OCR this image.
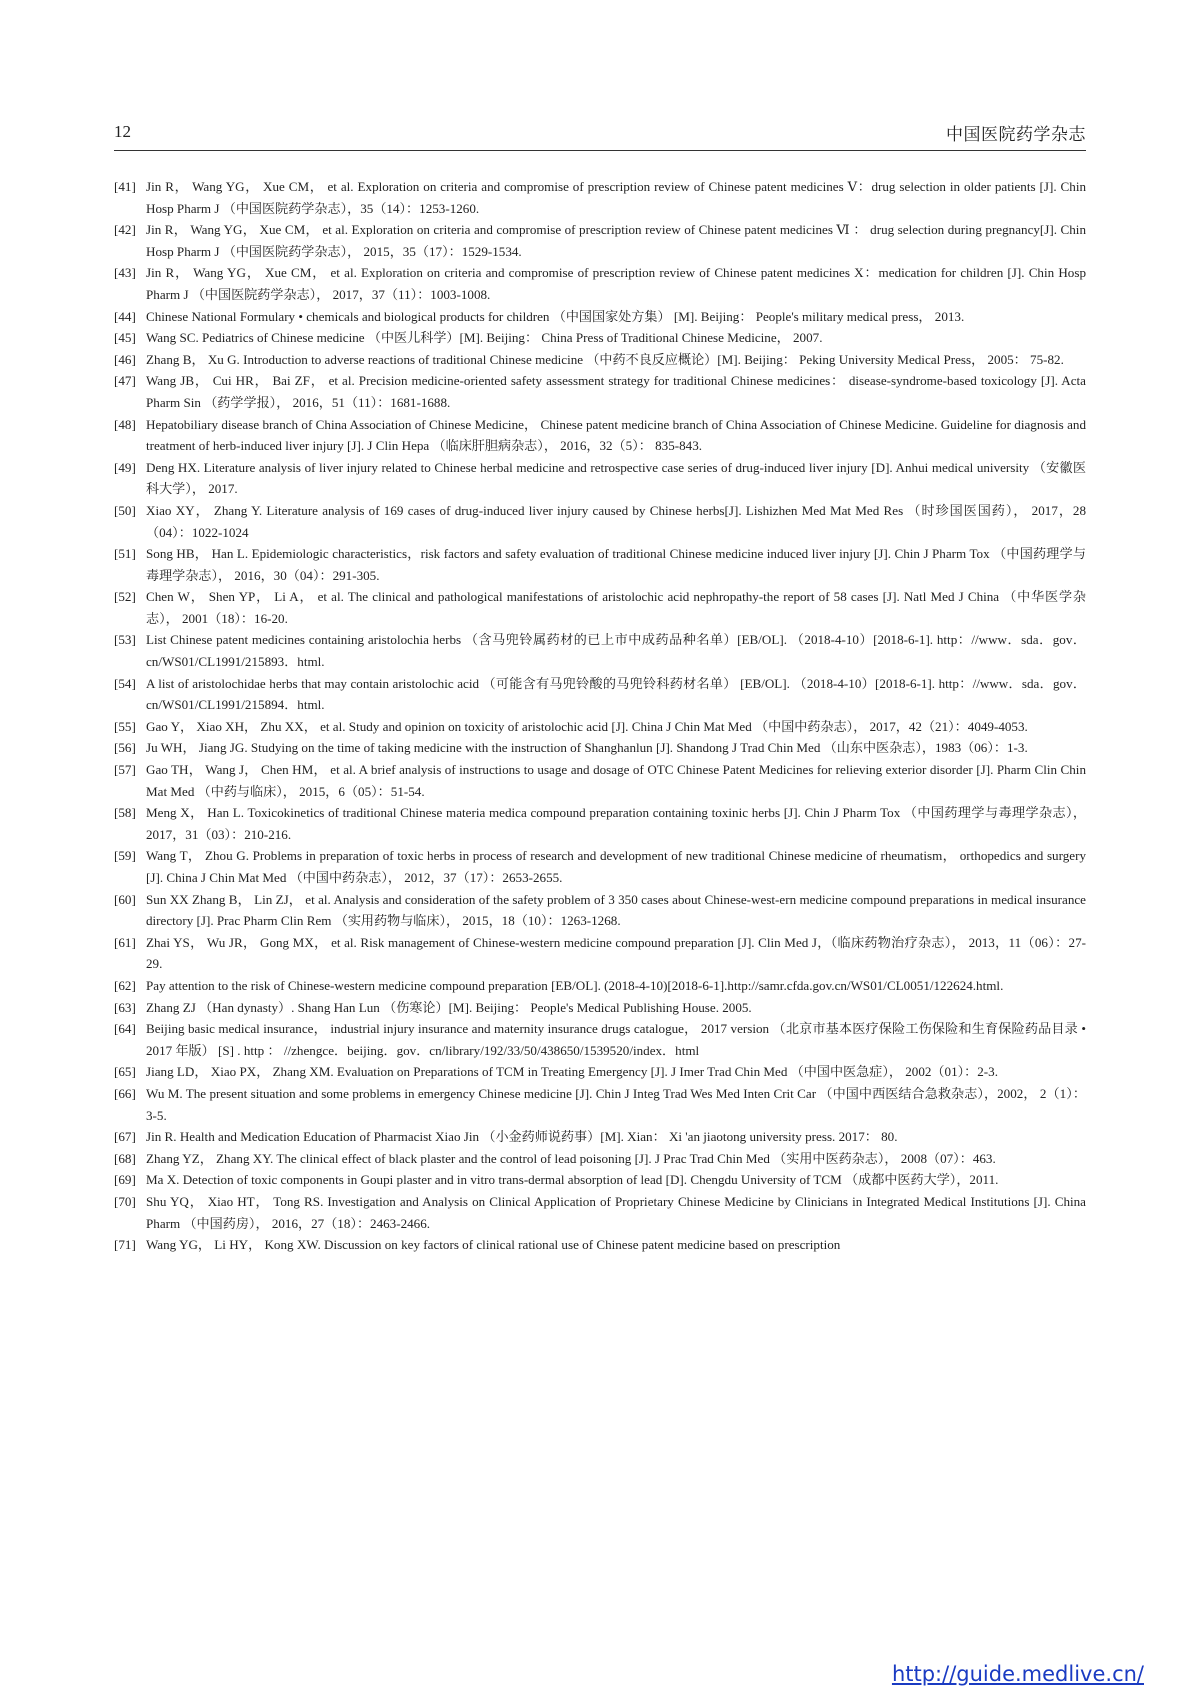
12	中国医院药学杂志
[41] Jin R， Wang YG， Xue CM， et al. Exploration on criteria and compromise of prescription review of Chinese patent medicines Ⅴ：drug selection in older patients [J]. Chin Hosp Pharm J （中国医院药学杂志），35（14）：1253-1260.
[42] Jin R， Wang YG， Xue CM， et al. Exploration on criteria and compromise of prescription review of Chinese patent medicines Ⅵ ： drug selection during pregnancy[J]. Chin Hosp Pharm J （中国医院药学杂志）， 2015，35（17）：1529-1534.
[43] Jin R， Wang YG， Xue CM， et al. Exploration on criteria and compromise of prescription review of Chinese patent medicines X：medication for children [J]. Chin Hosp Pharm J （中国医院药学杂志）， 2017，37（11）：1003-1008.
[44] Chinese National Formulary • chemicals and biological products for children （中国国家处方集） [M]. Beijing： People's military medical press， 2013.
[45] Wang SC. Pediatrics of Chinese medicine （中医儿科学）[M]. Beijing： China Press of Traditional Chinese Medicine， 2007.
[46] Zhang B， Xu G. Introduction to adverse reactions of traditional Chinese medicine （中药不良反应概论）[M]. Beijing： Peking University Medical Press， 2005： 75-82.
[47] Wang JB， Cui HR， Bai ZF， et al. Precision medicine-oriented safety assessment strategy for traditional Chinese medicines： disease-syndrome-based toxicology [J]. Acta Pharm Sin （药学学报）， 2016，51（11）：1681-1688.
[48] Hepatobiliary disease branch of China Association of Chinese Medicine， Chinese patent medicine branch of China Association of Chinese Medicine. Guideline for diagnosis and treatment of herb-induced liver injury [J]. J Clin Hepa （临床肝胆病杂志）， 2016，32（5）： 835-843.
[49] Deng HX. Literature analysis of liver injury related to Chinese herbal medicine and retrospective case series of drug-induced liver injury [D]. Anhui medical university （安徽医科大学）， 2017.
[50] Xiao XY， Zhang Y. Literature analysis of 169 cases of drug-induced liver injury caused by Chinese herbs[J]. Lishizhen Med Mat Med Res （时珍国医国药）， 2017，28（04）：1022-1024
[51] Song HB， Han L. Epidemiologic characteristics，risk factors and safety evaluation of traditional Chinese medicine induced liver injury [J]. Chin J Pharm Tox （中国药理学与毒理学杂志）， 2016，30（04）：291-305.
[52] Chen W， Shen YP， Li A， et al. The clinical and pathological manifestations of aristolochic acid nephropathy-the report of 58 cases [J]. Natl Med J China （中华医学杂志）， 2001（18）：16-20.
[53] List Chinese patent medicines containing aristolochia herbs （含马兜铃属药材的已上市中成药品种名单）[EB/OL]. （2018-4-10）[2018-6-1]. http：//www．sda．gov．cn/WS01/CL1991/215893．html.
[54] A list of aristolochidae herbs that may contain aristolochic acid （可能含有马兜铃酸的马兜铃科药材名单） [EB/OL]. （2018-4-10）[2018-6-1]. http：//www．sda．gov．cn/WS01/CL1991/215894．html.
[55] Gao Y， Xiao XH， Zhu XX， et al. Study and opinion on toxicity of aristolochic acid [J]. China J Chin Mat Med （中国中药杂志）， 2017，42（21）：4049-4053.
[56] Ju WH， Jiang JG. Studying on the time of taking medicine with the instruction of Shanghanlun [J]. Shandong J Trad Chin Med （山东中医杂志），1983（06）：1-3.
[57] Gao TH， Wang J， Chen HM， et al. A brief analysis of instructions to usage and dosage of OTC Chinese Patent Medicines for relieving exterior disorder [J]. Pharm Clin Chin Mat Med （中药与临床）， 2015，6（05）：51-54.
[58] Meng X， Han L. Toxicokinetics of traditional Chinese materia medica compound preparation containing toxinic herbs [J]. Chin J Pharm Tox （中国药理学与毒理学杂志）， 2017，31（03）：210-216.
[59] Wang T， Zhou G. Problems in preparation of toxic herbs in process of research and development of new traditional Chinese medicine of rheumatism， orthopedics and surgery [J]. China J Chin Mat Med （中国中药杂志）， 2012，37（17）：2653-2655.
[60] Sun XX Zhang B， Lin ZJ， et al. Analysis and consideration of the safety problem of 3 350 cases about Chinese-west-ern medicine compound preparations in medical insurance directory [J]. Prac Pharm Clin Rem （实用药物与临床）， 2015，18（10）：1263-1268.
[61] Zhai YS， Wu JR， Gong MX， et al. Risk management of Chinese-western medicine compound preparation [J]. Clin Med J，（临床药物治疗杂志）， 2013，11（06）：27-29.
[62] Pay attention to the risk of Chinese-western medicine compound preparation [EB/OL]. (2018-4-10)[2018-6-1].http://samr.cfda.gov.cn/WS01/CL0051/122624.html.
[63] Zhang ZJ （Han dynasty）. Shang Han Lun （伤寒论）[M]. Beijing： People's Medical Publishing House. 2005.
[64] Beijing basic medical insurance， industrial injury insurance and maternity insurance drugs catalogue， 2017 version （北京市基本医疗保险工伤保险和生育保险药品目录 • 2017 年版） [S] . http ： //zhengce．beijing．gov．cn/library/192/33/50/438650/1539520/index．html
[65] Jiang LD， Xiao PX， Zhang XM. Evaluation on Preparations of TCM in Treating Emergency [J]. J Imer Trad Chin Med （中国中医急症）， 2002（01）：2-3.
[66] Wu M. The present situation and some problems in emergency Chinese medicine [J]. Chin J Integ Trad Wes Med Inten Crit Car （中国中西医结合急救杂志），2002， 2（1）：3-5.
[67] Jin R. Health and Medication Education of Pharmacist Xiao Jin （小金药师说药事）[M]. Xian： Xi 'an jiaotong university press. 2017： 80.
[68] Zhang YZ， Zhang XY. The clinical effect of black plaster and the control of lead poisoning [J]. J Prac Trad Chin Med （实用中医药杂志）， 2008（07）：463.
[69] Ma X. Detection of toxic components in Goupi plaster and in vitro trans-dermal absorption of lead [D]. Chengdu University of TCM （成都中医药大学），2011.
[70] Shu YQ， Xiao HT， Tong RS. Investigation and Analysis on Clinical Application of Proprietary Chinese Medicine by Clinicians in Integrated Medical Institutions [J]. China Pharm （中国药房）， 2016，27（18）：2463-2466.
[71] Wang YG， Li HY， Kong XW. Discussion on key factors of clinical rational use of Chinese patent medicine based on prescription
http://guide.medlive.cn/
